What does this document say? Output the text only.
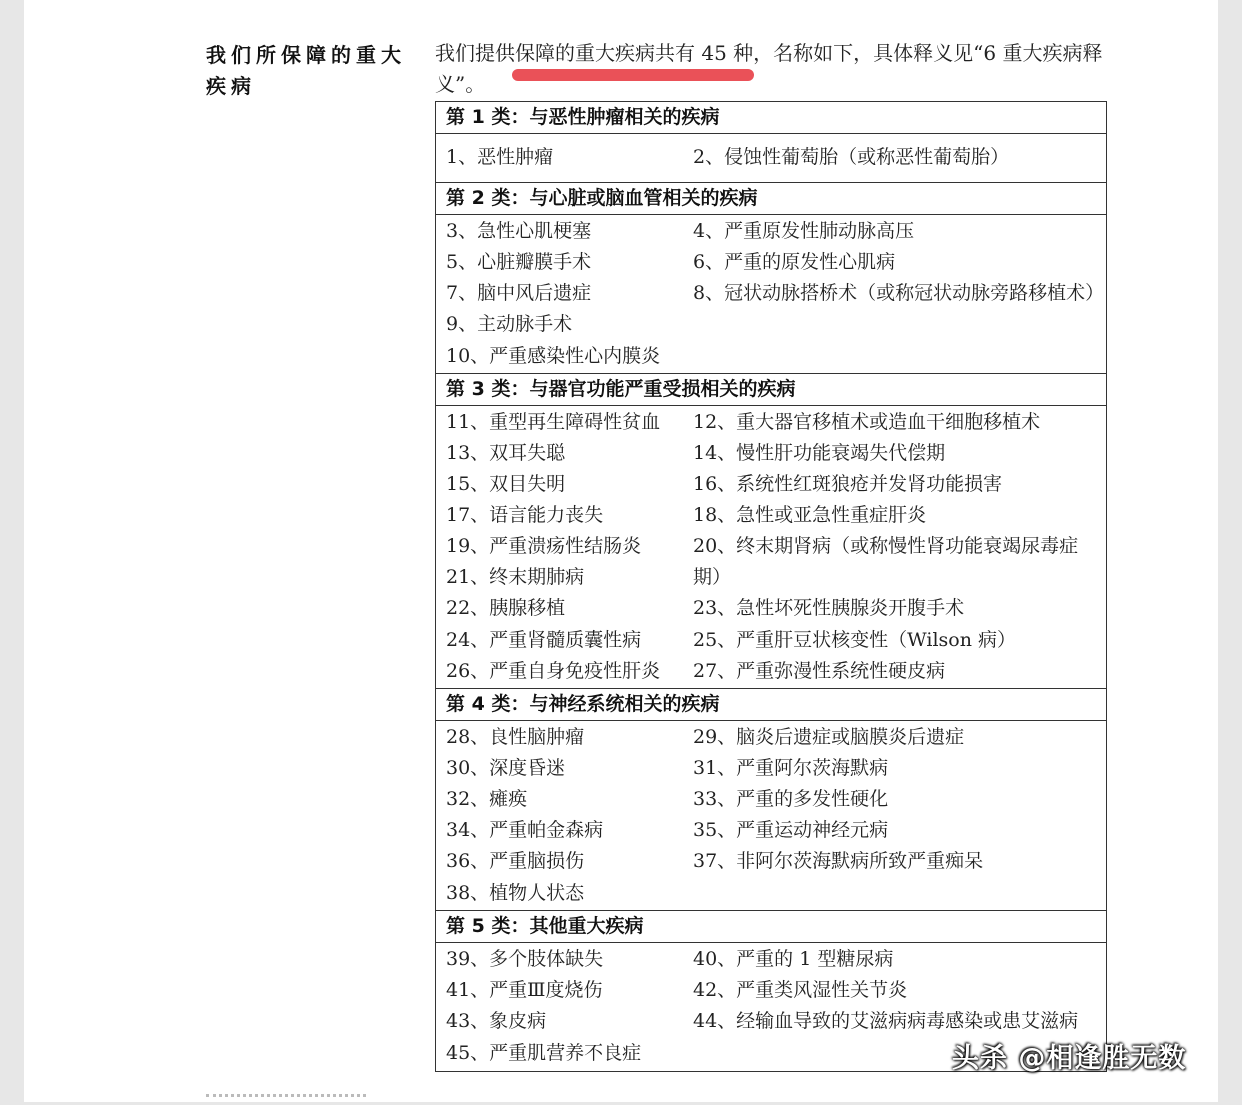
我们所保障的重大疾病
我们提供保障的重大疾病共有 45 种，名称如下，具体释义见“6 重大疾病释义”。
第 1 类：与恶性肿瘤相关的疾病
1、恶性肿瘤	2、侵蚀性葡萄胎（或称恶性葡萄胎）
第 2 类：与心脏或脑血管相关的疾病
3、急性心肌梗塞
5、心脏瓣膜手术
7、脑中风后遗症
9、主动脉手术
10、严重感染性心内膜炎
4、严重原发性肺动脉高压
6、严重的原发性心肌病
8、冠状动脉搭桥术（或称冠状动脉旁路移植术）
第 3 类：与器官功能严重受损相关的疾病
11、重型再生障碍性贫血
13、双耳失聪
15、双目失明
17、语言能力丧失
19、严重溃疡性结肠炎
21、终末期肺病
22、胰腺移植
24、严重肾髓质囊性病
26、严重自身免疫性肝炎
12、重大器官移植术或造血干细胞移植术
14、慢性肝功能衰竭失代偿期
16、系统性红斑狼疮并发肾功能损害
18、急性或亚急性重症肝炎
20、终末期肾病（或称慢性肾功能衰竭尿毒症期）
23、急性坏死性胰腺炎开腹手术
25、严重肝豆状核变性（Wilson 病）
27、严重弥漫性系统性硬皮病
第 4 类：与神经系统相关的疾病
28、良性脑肿瘤
30、深度昏迷
32、瘫痪
34、严重帕金森病
36、严重脑损伤
38、植物人状态
29、脑炎后遗症或脑膜炎后遗症
31、严重阿尔茨海默病
33、严重的多发性硬化
35、严重运动神经元病
37、非阿尔茨海默病所致严重痴呆
第 5 类：其他重大疾病
39、多个肢体缺失
41、严重Ⅲ度烧伤
43、象皮病
45、严重肌营养不良症
40、严重的 1 型糖尿病
42、严重类风湿性关节炎
44、经输血导致的艾滋病病毒感染或患艾滋病
头杀 @相逢胜无数
